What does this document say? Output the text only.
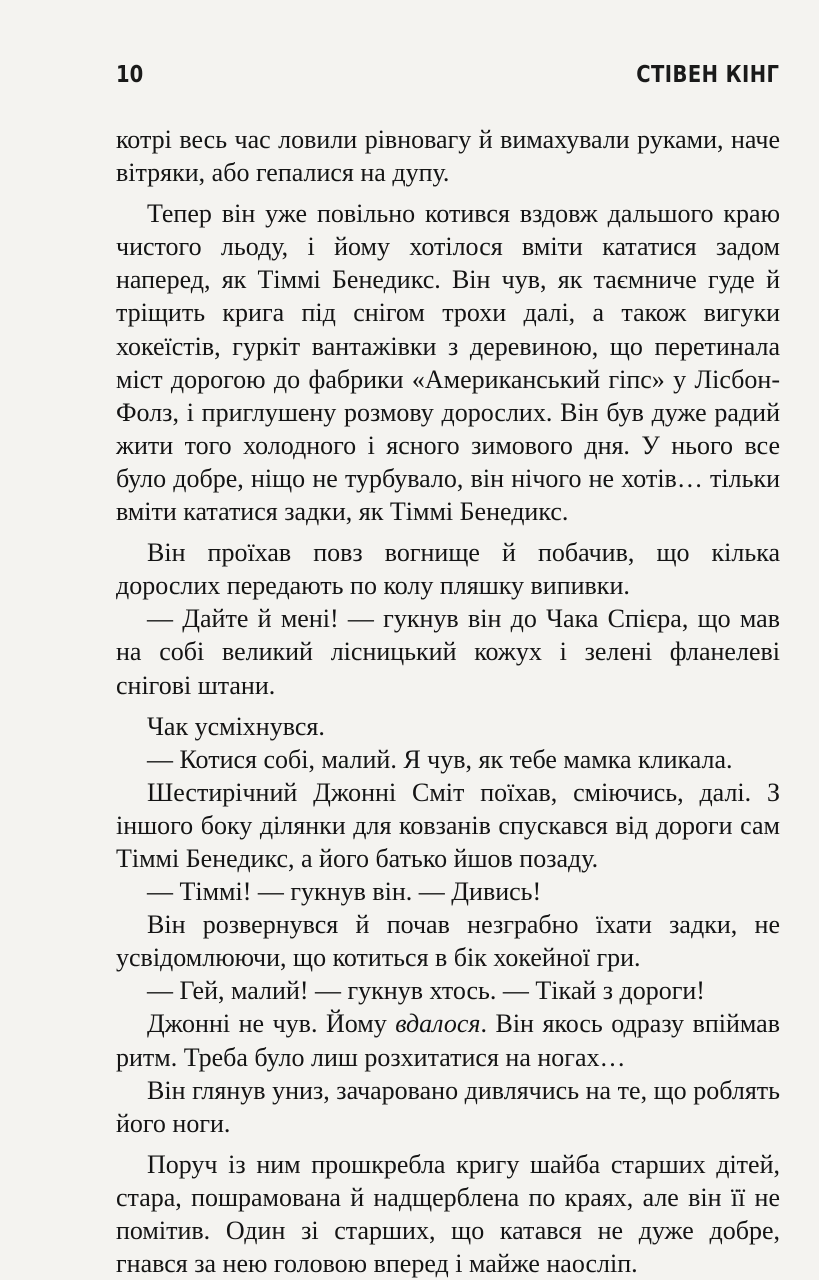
10	СТІВЕН КІНГ

котрі весь час ловили рівновагу й вимахували руками, наче вітряки, або гепалися на дупу.

Тепер він уже повільно котився вздовж дальшого краю чистого льоду, і йому хотілося вміти кататися задом наперед, як Тіммі Бенедикс. Він чув, як таємниче гуде й тріщить крига під снігом трохи далі, а також вигуки хокеїстів, гуркіт вантажівки з деревиною, що перетинала міст дорогою до фабрики «Американський гіпс» у Лісбон-Фолз, і приглушену розмову дорослих. Він був дуже радий жити того холодного і ясного зимового дня. У нього все було добре, ніщо не турбувало, він нічого не хотів… тільки вміти кататися задки, як Тіммі Бенедикс.

Він проїхав повз вогнище й побачив, що кілька дорослих передають по колу пляшку випивки.

— Дайте й мені! — гукнув він до Чака Спієра, що мав на собі великий лісницький кожух і зелені фланелеві снігові штани.

Чак усміхнувся.

— Котися собі, малий. Я чув, як тебе мамка кликала.

Шестирічний Джонні Сміт поїхав, сміючись, далі. З іншого боку ділянки для ковзанів спускався від дороги сам Тіммі Бенедикс, а його батько йшов позаду.

— Тіммі! — гукнув він. — Дивись!

Він розвернувся й почав незграбно їхати задки, не усвідомлюючи, що котиться в бік хокейної гри.

— Гей, малий! — гукнув хтось. — Тікай з дороги!

Джонні не чув. Йому вдалося. Він якось одразу впіймав ритм. Треба було лиш розхитатися на ногах…

Він глянув униз, зачаровано дивлячись на те, що роблять його ноги.

Поруч із ним прошкребла кригу шайба старших дітей, стара, пошрамована й надщерблена по краях, але він її не помітив. Один зі старших, що катався не дуже добре, гнався за нею головою вперед і майже наосліп.
